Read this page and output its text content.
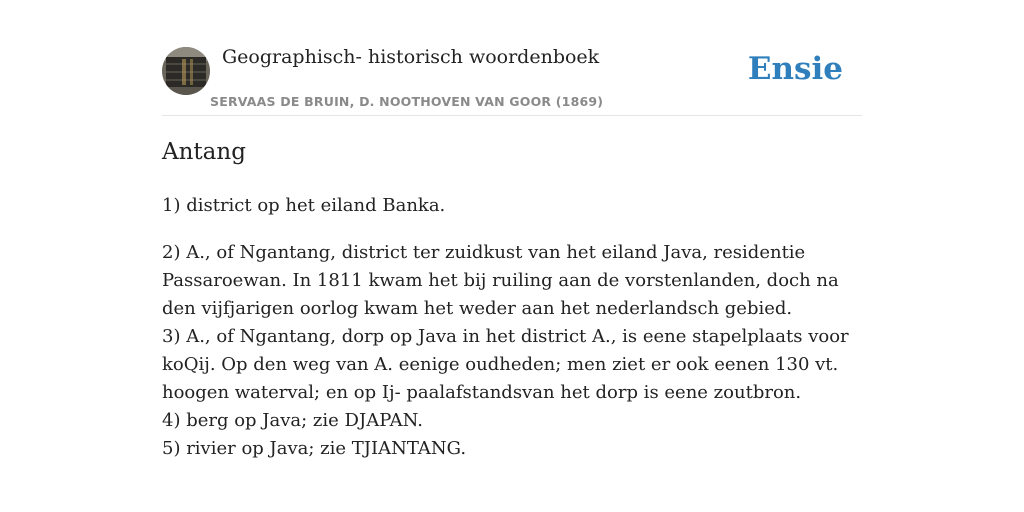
Geographisch- historisch woordenboek
SERVAAS DE BRUIN, D. NOOTHOVEN VAN GOOR (1869)
Ensie
Antang

1) district op het eiland Banka.

2) A., of Ngantang, district ter zuidkust van het eiland Java, residentie Passaroewan. In 1811 kwam het bij ruiling aan de vorstenlanden, doch na den vijfjarigen oorlog kwam het weder aan het nederlandsch gebied.

3) A., of Ngantang, dorp op Java in het district A., is eene stapelplaats voor koQij. Op den weg van A. eenige oudheden; men ziet er ook eenen 130 vt. hoogen waterval; en op Ij- paalafstandsvan het dorp is eene zoutbron.

4) berg op Java; zie DJAPAN.

5) rivier op Java; zie TJIANTANG.
